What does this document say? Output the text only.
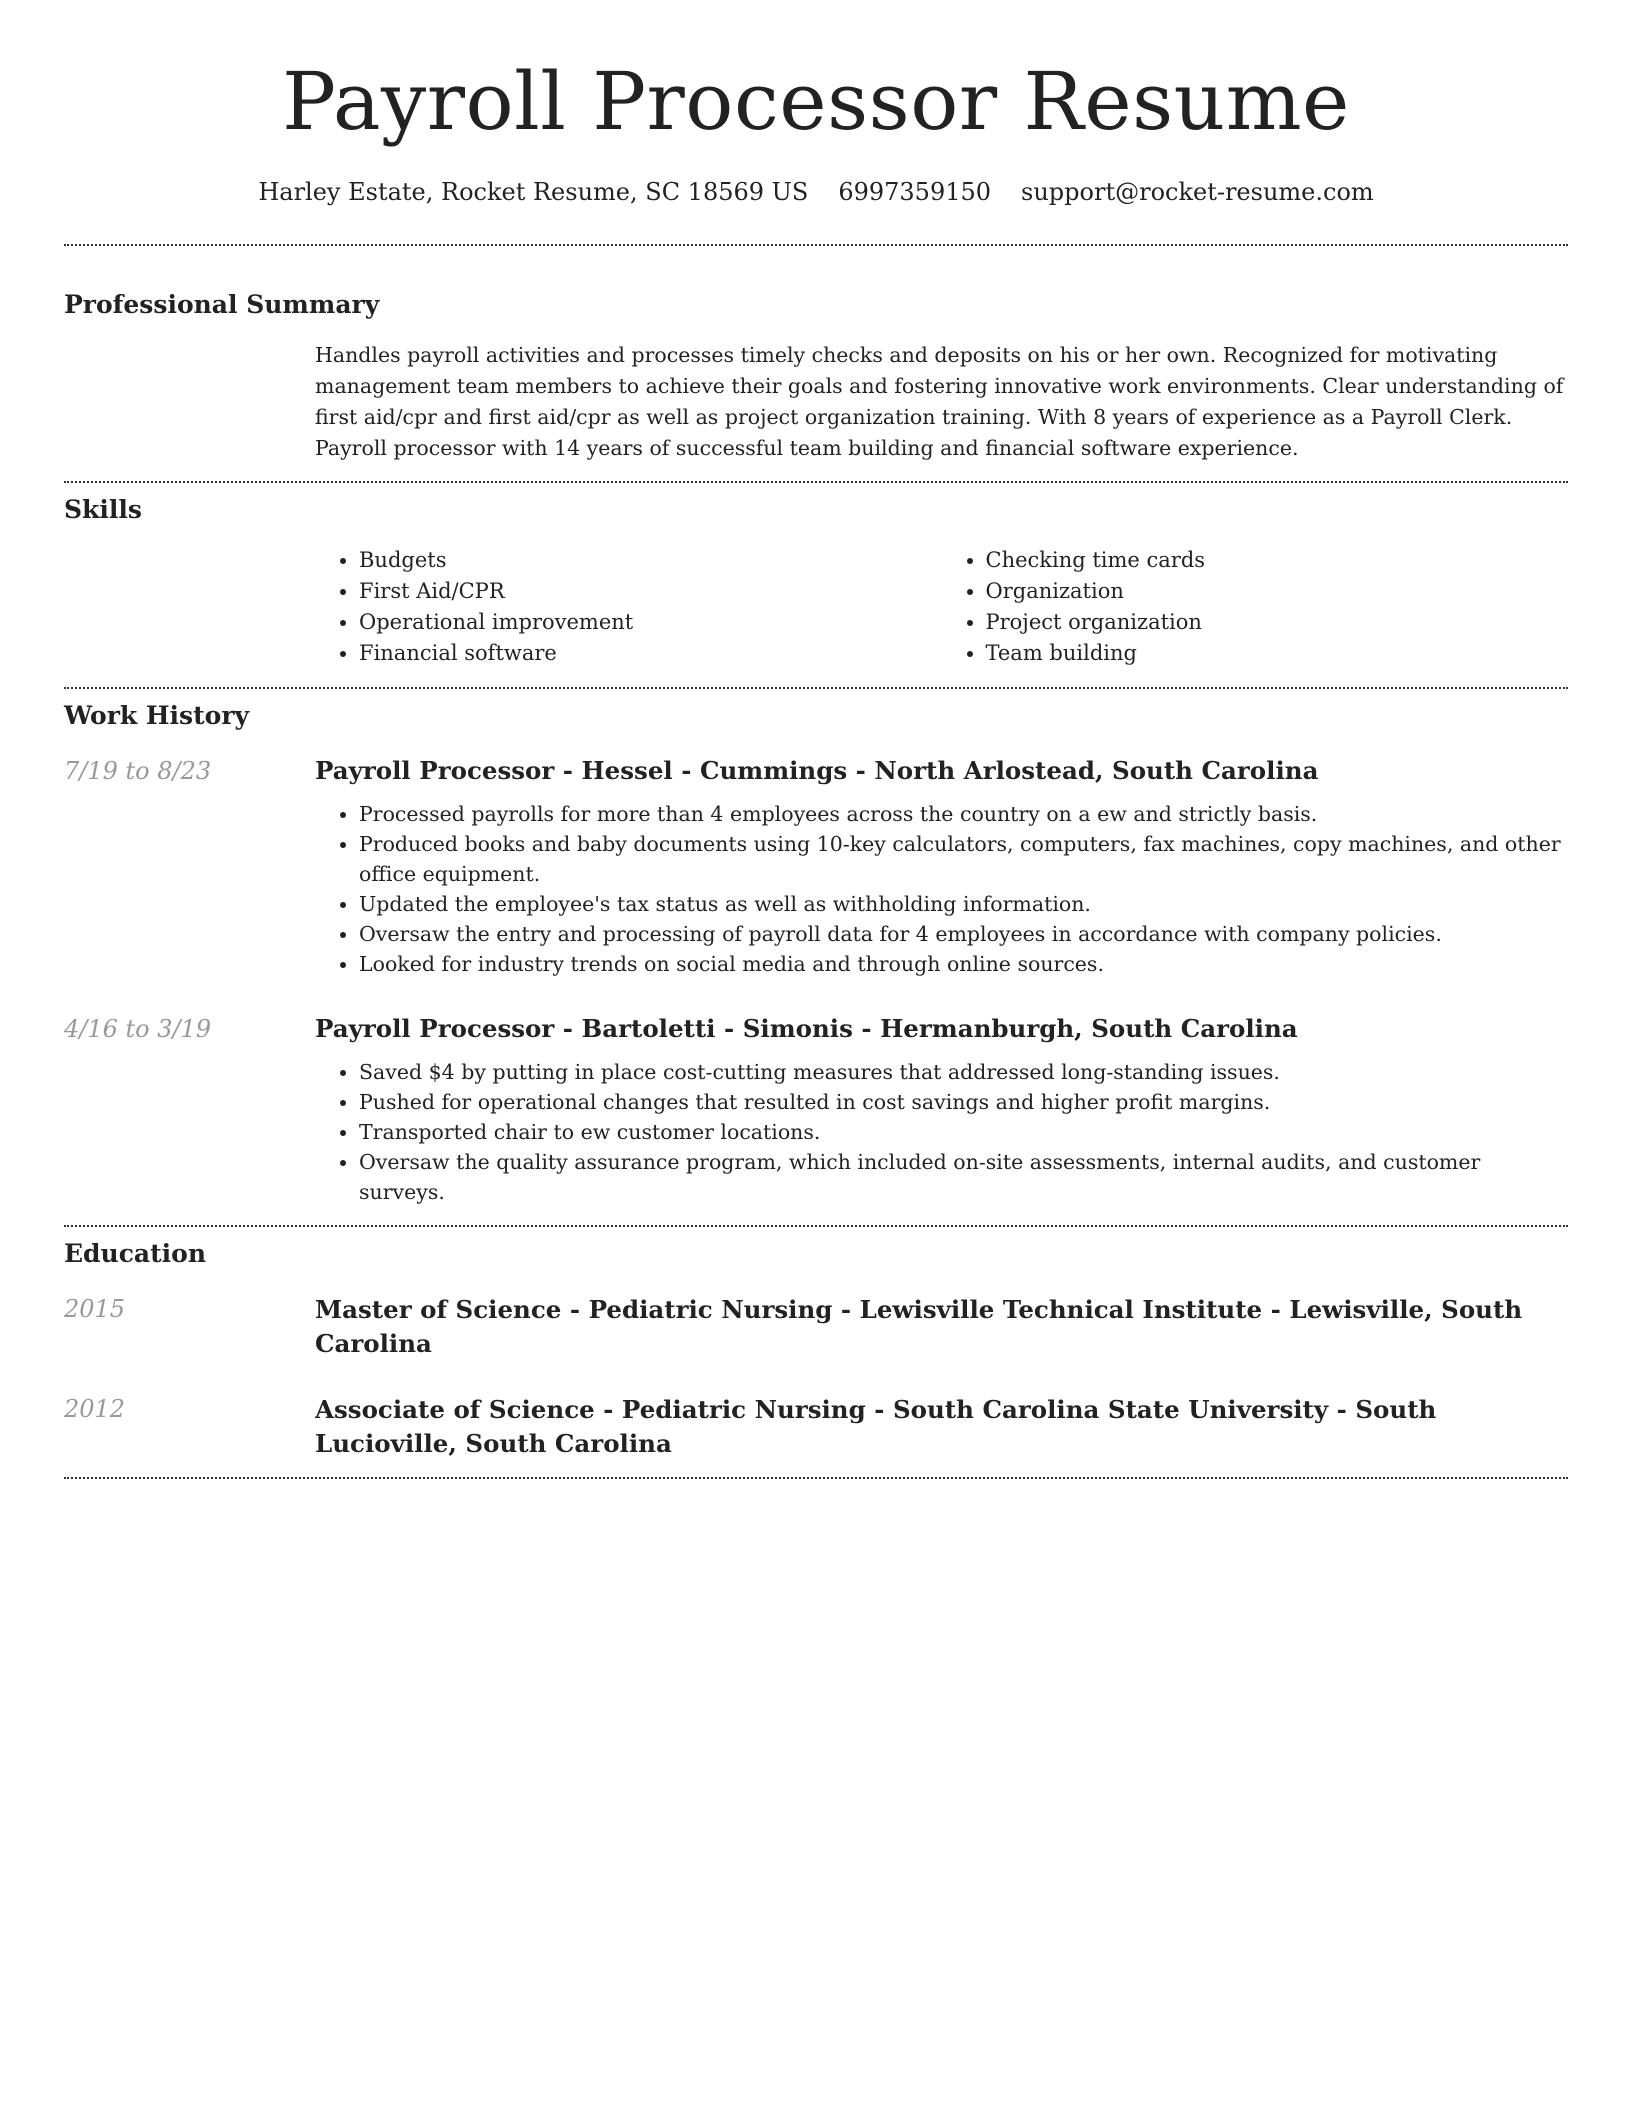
Payroll Processor Resume
Harley Estate, Rocket Resume, SC 18569 US 6997359150 support@rocket-resume.com
Professional Summary

Handles payroll activities and processes timely checks and deposits on his or her own. Recognized for motivating management team members to achieve their goals and fostering innovative work environments. Clear understanding of first aid/cpr and first aid/cpr as well as project organization training. With 8 years of experience as a Payroll Clerk. Payroll processor with 14 years of successful team building and financial software experience.

Skills
• Budgets
• First Aid/CPR
• Operational improvement
• Financial software
• Checking time cards
• Organization
• Project organization
• Team building
Work History
7/19 to 8/23	Payroll Processor - Hessel - Cummings - North Arlostead, South Carolina
• Processed payrolls for more than 4 employees across the country on a ew and strictly basis.
• Produced books and baby documents using 10-key calculators, computers, fax machines, copy machines, and other office equipment.
• Updated the employee's tax status as well as withholding information.
• Oversaw the entry and processing of payroll data for 4 employees in accordance with company policies.
• Looked for industry trends on social media and through online sources.
4/16 to 3/19	Payroll Processor - Bartoletti - Simonis - Hermanburgh, South Carolina
• Saved $4 by putting in place cost-cutting measures that addressed long-standing issues.
• Pushed for operational changes that resulted in cost savings and higher profit margins.
• Transported chair to ew customer locations.
• Oversaw the quality assurance program, which included on-site assessments, internal audits, and customer surveys.
Education
2015	Master of Science - Pediatric Nursing - Lewisville Technical Institute - Lewisville, South Carolina
2012	Associate of Science - Pediatric Nursing - South Carolina State University - South Lucioville, South Carolina
